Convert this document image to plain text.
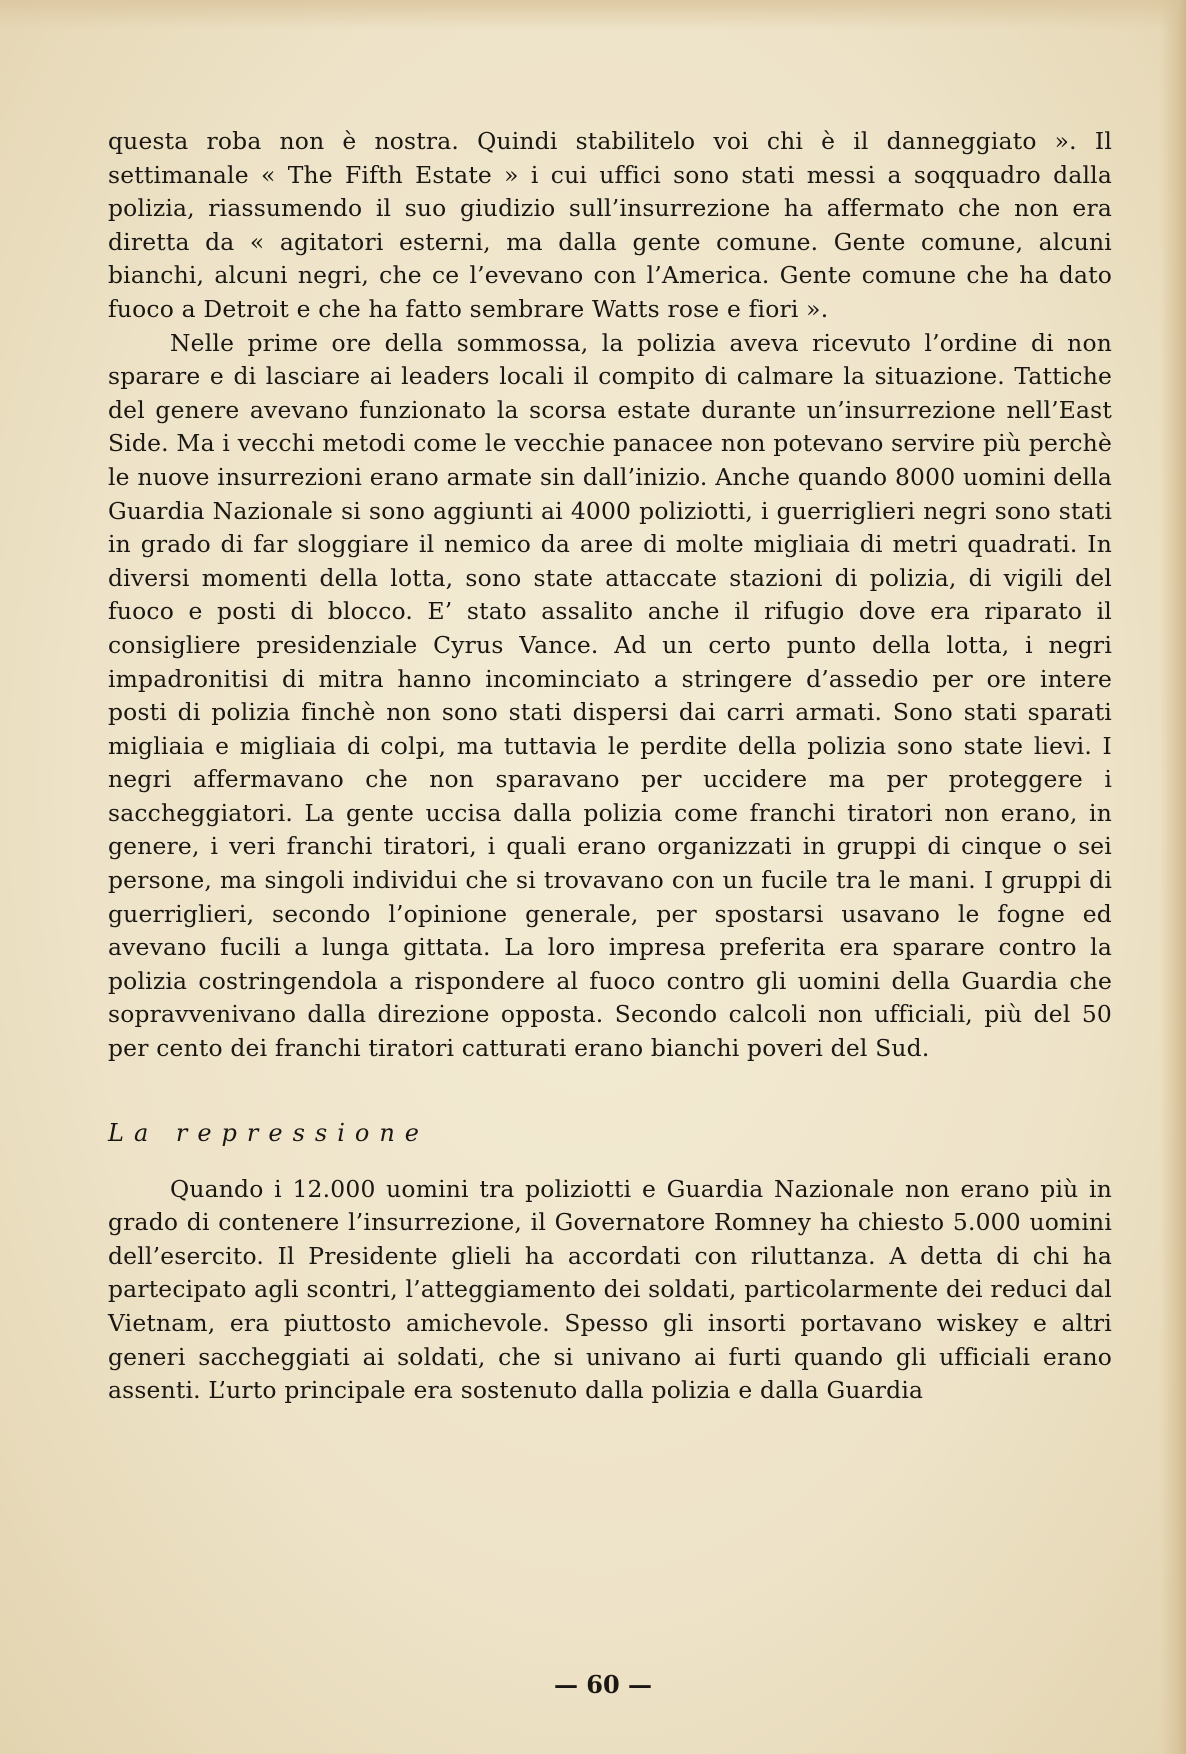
questa roba non è nostra. Quindi stabilitelo voi chi è il danneggiato ». Il settimanale « The Fifth Estate » i cui uffici sono stati messi a soqquadro dalla polizia, riassumendo il suo giudizio sull’insurrezione ha affermato che non era diretta da « agitatori esterni, ma dalla gente comune. Gente comune, alcuni bianchi, alcuni negri, che ce l’evevano con l’America. Gente comune che ha dato fuoco a Detroit e che ha fatto sembrare Watts rose e fiori ».

Nelle prime ore della sommossa, la polizia aveva ricevuto l’ordine di non sparare e di lasciare ai leaders locali il compito di calmare la situazione. Tattiche del genere avevano funzionato la scorsa estate durante un’insurrezione nell’East Side. Ma i vecchi metodi come le vecchie panacee non potevano servire più perchè le nuove insurrezioni erano armate sin dall’inizio. Anche quando 8000 uomini della Guardia Nazionale si sono aggiunti ai 4000 poliziotti, i guerriglieri negri sono stati in grado di far sloggiare il nemico da aree di molte migliaia di metri quadrati. In diversi momenti della lotta, sono state attaccate stazioni di polizia, di vigili del fuoco e posti di blocco. E’ stato assalito anche il rifugio dove era riparato il consigliere presidenziale Cyrus Vance. Ad un certo punto della lotta, i negri impadronitisi di mitra hanno incominciato a stringere d’assedio per ore intere posti di polizia finchè non sono stati dispersi dai carri armati. Sono stati sparati migliaia e migliaia di colpi, ma tuttavia le perdite della polizia sono state lievi. I negri affermavano che non sparavano per uccidere ma per proteggere i saccheggiatori. La gente uccisa dalla polizia come franchi tiratori non erano, in genere, i veri franchi tiratori, i quali erano organizzati in gruppi di cinque o sei persone, ma singoli individui che si trovavano con un fucile tra le mani. I gruppi di guerriglieri, secondo l’opinione generale, per spostarsi usavano le fogne ed avevano fucili a lunga gittata. La loro impresa preferita era sparare contro la polizia costringendola a rispondere al fuoco contro gli uomini della Guardia che sopravvenivano dalla direzione opposta. Secondo calcoli non ufficiali, più del 50 per cento dei franchi tiratori catturati erano bianchi poveri del Sud.

La repressione

Quando i 12.000 uomini tra poliziotti e Guardia Nazionale non erano più in grado di contenere l’insurrezione, il Governatore Romney ha chiesto 5.000 uomini dell’esercito. Il Presidente glieli ha accordati con riluttanza. A detta di chi ha partecipato agli scontri, l’atteggiamento dei soldati, particolarmente dei reduci dal Vietnam, era piuttosto amichevole. Spesso gli insorti portavano wiskey e altri generi saccheggiati ai soldati, che si univano ai furti quando gli ufficiali erano assenti. L’urto principale era sostenuto dalla polizia e dalla Guardia

— 60 —
